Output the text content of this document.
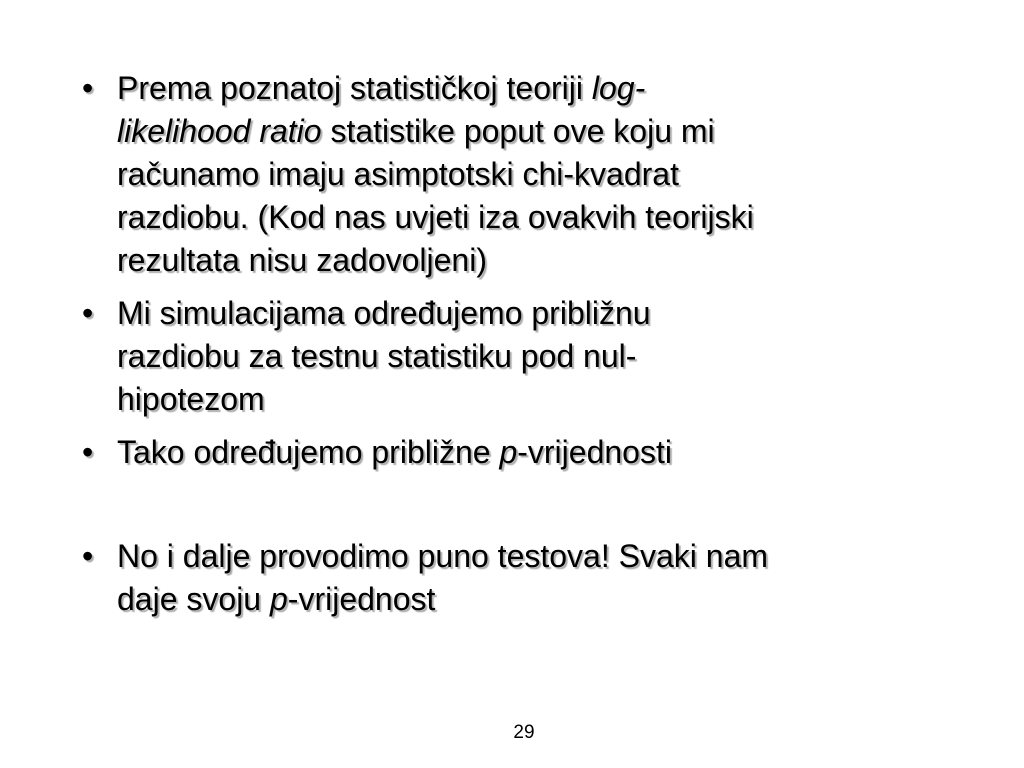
• Prema poznatoj statističkoj teoriji log-
likelihood ratio statistike poput ove koju mi
računamo imaju asimptotski chi-kvadrat
razdiobu. (Kod nas uvjeti iza ovakvih teorijski
rezultata nisu zadovoljeni)
• Mi simulacijama određujemo približnu
razdiobu za testnu statistiku pod nul-
hipotezom
• Tako određujemo približne p-vrijednosti
• No i dalje provodimo puno testova! Svaki nam
daje svoju p-vrijednost
29
